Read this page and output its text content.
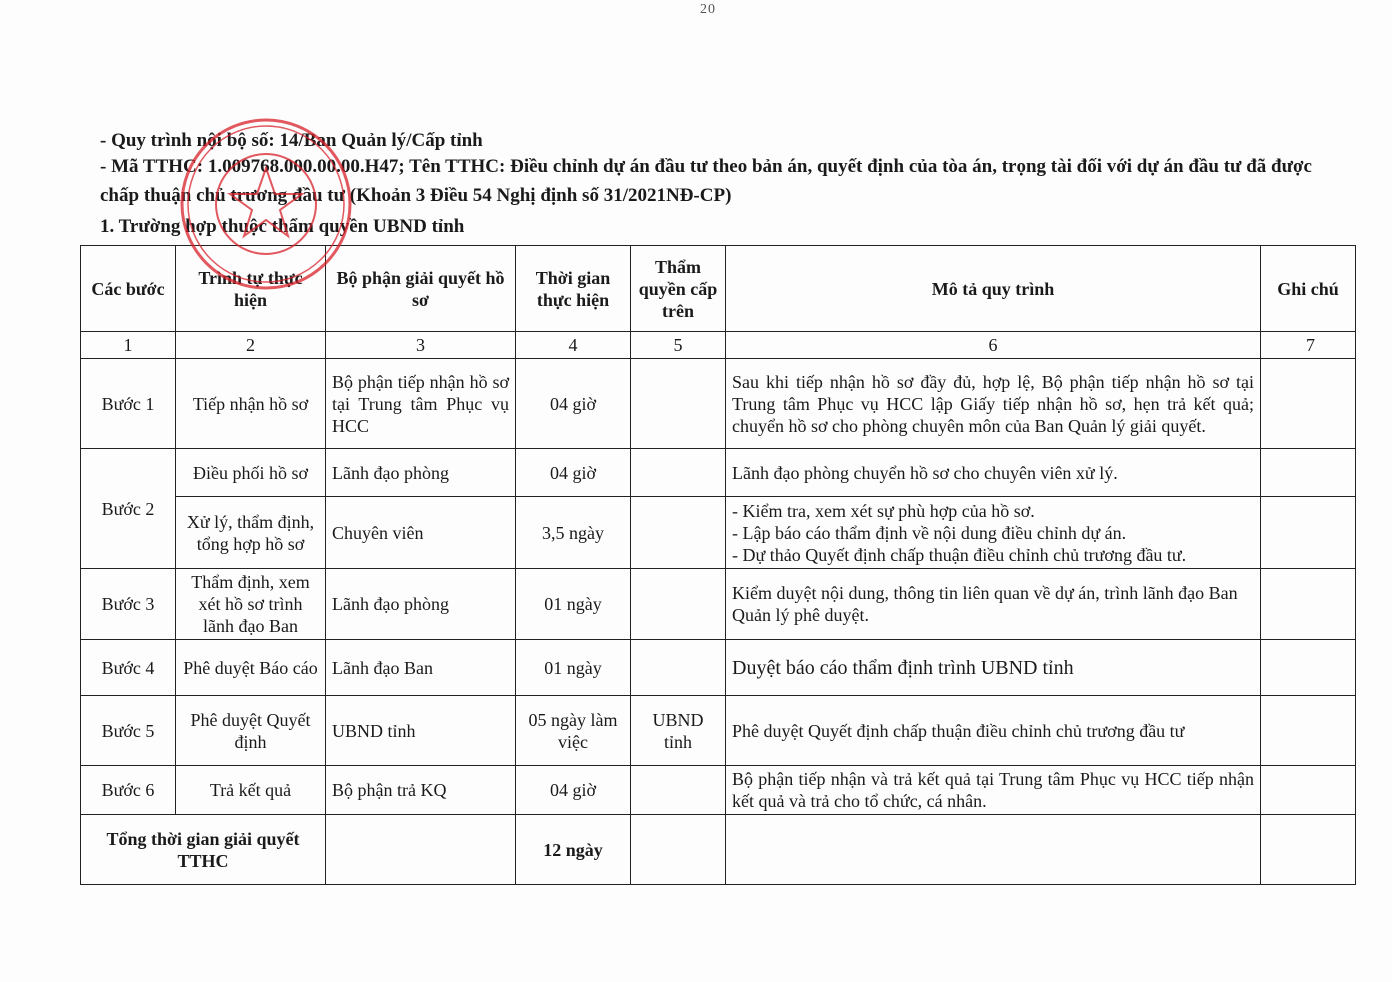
20
- Quy trình nội bộ số: 14/Ban Quản lý/Cấp tỉnh
- Mã TTHC: 1.009768.000.00.00.H47; Tên TTHC: Điều chỉnh dự án đầu tư theo bản án, quyết định của tòa án, trọng tài đối với dự án đầu tư đã được chấp thuận chủ trương đầu tư (Khoản 3 Điều 54 Nghị định số 31/2021NĐ-CP)
1. Trường hợp thuộc thẩm quyền UBND tỉnh
Các bước	Trình tự thực hiện	Bộ phận giải quyết hồ sơ	Thời gian thực hiện	Thẩm quyền cấp trên	Mô tả quy trình	Ghi chú
1	2	3	4	5	6	7
Bước 1	Tiếp nhận hồ sơ	Bộ phận tiếp nhận hồ sơ tại Trung tâm Phục vụ HCC	04 giờ		Sau khi tiếp nhận hồ sơ đầy đủ, hợp lệ, Bộ phận tiếp nhận hồ sơ tại Trung tâm Phục vụ HCC lập Giấy tiếp nhận hồ sơ, hẹn trả kết quả; chuyển hồ sơ cho phòng chuyên môn của Ban Quản lý giải quyết.	
Bước 2	Điều phối hồ sơ	Lãnh đạo phòng	04 giờ		Lãnh đạo phòng chuyển hồ sơ cho chuyên viên xử lý.	
	Xử lý, thẩm định, tổng hợp hồ sơ	Chuyên viên	3,5 ngày		- Kiểm tra, xem xét sự phù hợp của hồ sơ.
- Lập báo cáo thẩm định về nội dung điều chỉnh dự án.
- Dự thảo Quyết định chấp thuận điều chỉnh chủ trương đầu tư.	

Bước 3	Thẩm định, xem xét hồ sơ trình lãnh đạo Ban	Lãnh đạo phòng	01 ngày		Kiểm duyệt nội dung, thông tin liên quan về dự án, trình lãnh đạo Ban Quản lý phê duyệt.	
Bước 4	Phê duyệt Báo cáo	Lãnh đạo Ban	01 ngày		Duyệt báo cáo thẩm định trình UBND tỉnh	
Bước 5	Phê duyệt Quyết định	UBND tỉnh	05 ngày làm việc	UBND tỉnh	Phê duyệt Quyết định chấp thuận điều chỉnh chủ trương đầu tư	
Bước 6	Trả kết quả	Bộ phận trả KQ	04 giờ		Bộ phận tiếp nhận và trả kết quả tại Trung tâm Phục vụ HCC tiếp nhận kết quả và trả cho tổ chức, cá nhân.	
Tổng thời gian giải quyết TTHC			12 ngày			
